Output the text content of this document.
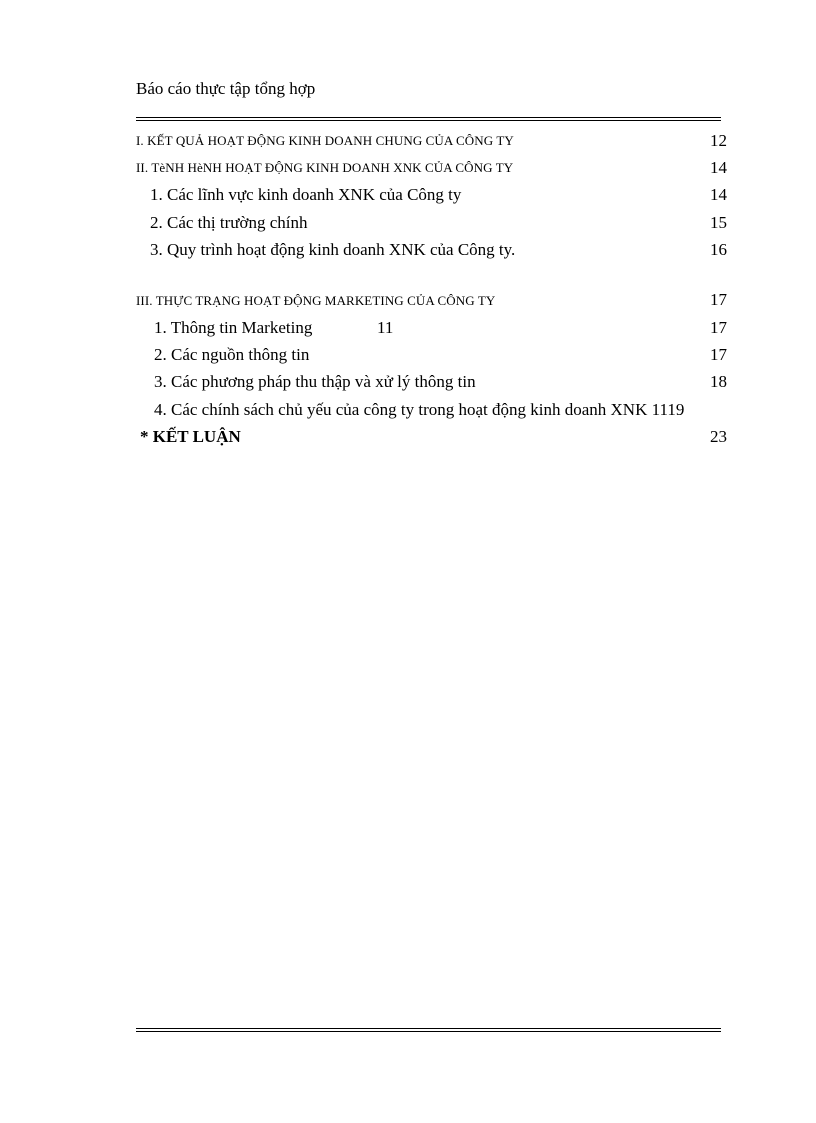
Báo cáo thực tập tổng hợp
I. KẾT QUẢ HOẠT ĐỘNG KINH DOANH CHUNG CỦA CÔNG TY	12
II. TèNH HèNH HOẠT ĐỘNG KINH DOANH XNK CỦA CÔNG TY	14
1. Các lĩnh vực kinh doanh XNK của Công ty	14
2. Các thị trường chính	15
3. Quy trình hoạt động kinh doanh XNK của Công ty.	16
III. THỰC TRẠNG HOẠT ĐỘNG MARKETING CỦA CÔNG TY	17
1. Thông tin Marketing	11	17
2. Các nguồn thông tin	17
3. Các phương pháp thu thập và xử lý thông tin	18
4. Các chính sách chủ yếu của công ty trong hoạt động kinh doanh XNK 1119
* KẾT LUẬN	23
